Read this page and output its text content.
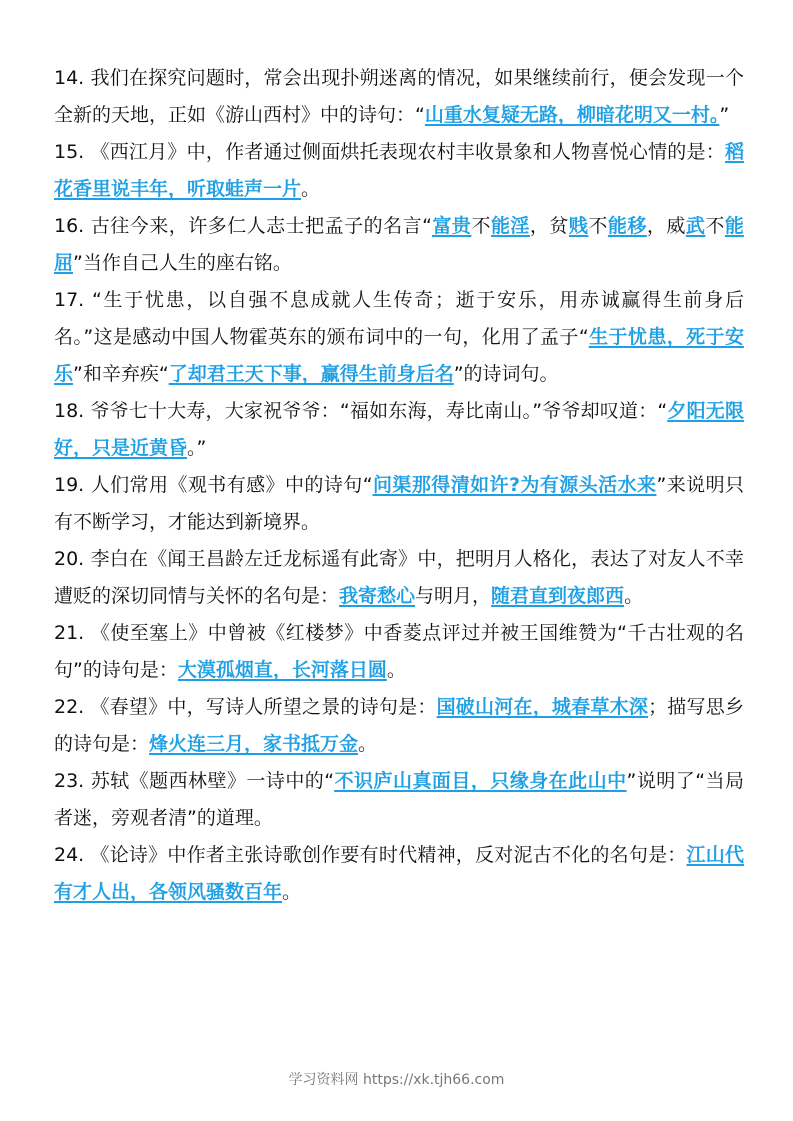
14. 我们在探究问题时，常会出现扑朔迷离的情况，如果继续前行，便会发现一个全新的天地，正如《游山西村》中的诗句：“山重水复疑无路，柳暗花明又一村。”

15. 《西江月》中，作者通过侧面烘托表现农村丰收景象和人物喜悦心情的是：稻花香里说丰年，听取蛙声一片。

16. 古往今来，许多仁人志士把孟子的名言“富贵不能淫，贫贱不能移，威武不能屈”当作自己人生的座右铭。

17. “生于忧患，以自强不息成就人生传奇；逝于安乐，用赤诚赢得生前身后名。”这是感动中国人物霍英东的颁布词中的一句，化用了孟子“生于忧患，死于安乐”和辛弃疾“了却君王天下事，赢得生前身后名”的诗词句。

18. 爷爷七十大寿，大家祝爷爷：“福如东海，寿比南山。”爷爷却叹道：“夕阳无限好，只是近黄昏。”

19. 人们常用《观书有感》中的诗句“问渠那得清如许?为有源头活水来”来说明只有不断学习，才能达到新境界。

20. 李白在《闻王昌龄左迁龙标遥有此寄》中，把明月人格化，表达了对友人不幸遭贬的深切同情与关怀的名句是：我寄愁心与明月，随君直到夜郎西。

21. 《使至塞上》中曾被《红楼梦》中香菱点评过并被王国维赞为“千古壮观的名句”的诗句是：大漠孤烟直，长河落日圆。

22. 《春望》中，写诗人所望之景的诗句是：国破山河在，城春草木深；描写思乡的诗句是：烽火连三月，家书抵万金。

23. 苏轼《题西林壁》一诗中的“不识庐山真面目，只缘身在此山中”说明了“当局者迷，旁观者清”的道理。

24. 《论诗》中作者主张诗歌创作要有时代精神，反对泥古不化的名句是：江山代有才人出，各领风骚数百年。

学习资料网 https://xk.tjh66.com
